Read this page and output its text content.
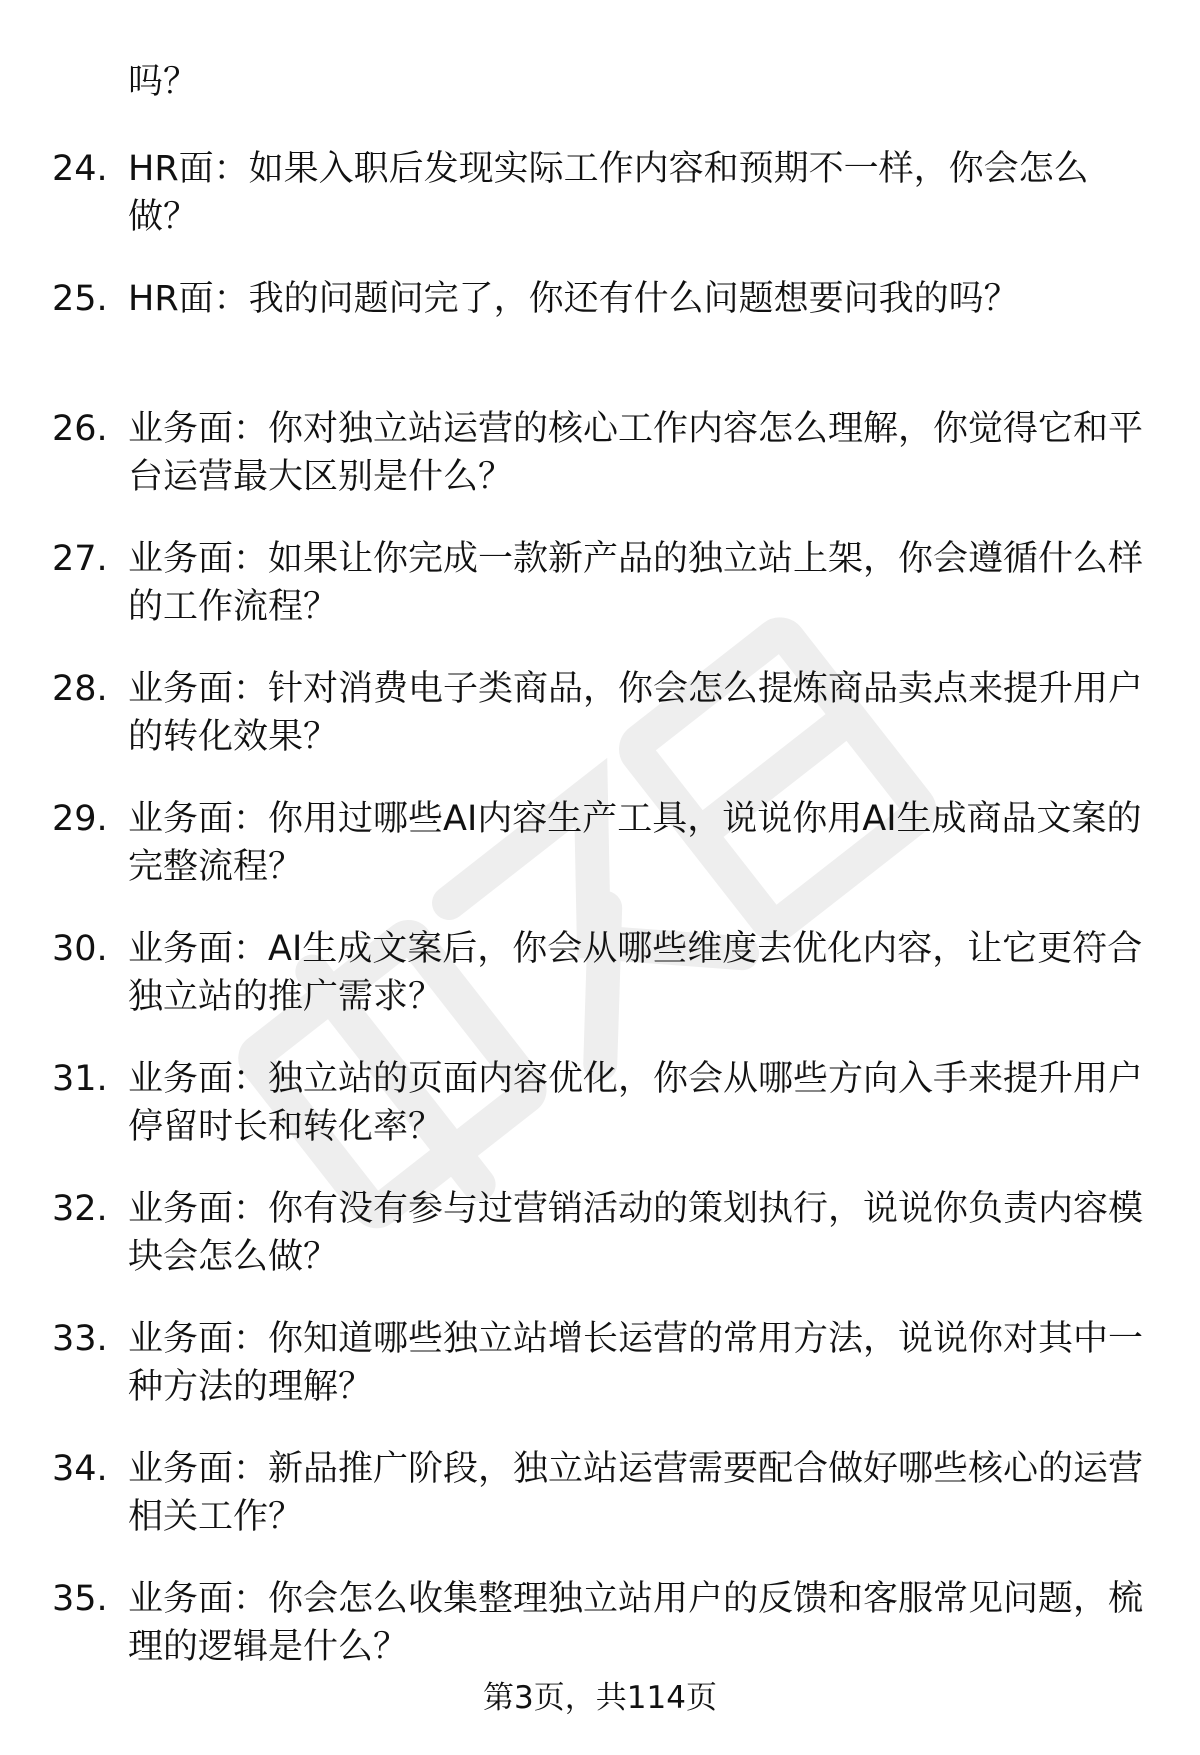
吗？

24. HR面：如果入职后发现实际工作内容和预期不一样，你会怎么做？
25. HR面：我的问题问完了，你还有什么问题想要问我的吗？
26. 业务面：你对独立站运营的核心工作内容怎么理解，你觉得它和平台运营最大区别是什么？
27. 业务面：如果让你完成一款新产品的独立站上架，你会遵循什么样的工作流程？
28. 业务面：针对消费电子类商品，你会怎么提炼商品卖点来提升用户的转化效果？
29. 业务面：你用过哪些AI内容生产工具，说说你用AI生成商品文案的完整流程？
30. 业务面：AI生成文案后，你会从哪些维度去优化内容，让它更符合独立站的推广需求？
31. 业务面：独立站的页面内容优化，你会从哪些方向入手来提升用户停留时长和转化率？
32. 业务面：你有没有参与过营销活动的策划执行，说说你负责内容模块会怎么做？
33. 业务面：你知道哪些独立站增长运营的常用方法，说说你对其中一种方法的理解？
34. 业务面：新品推广阶段，独立站运营需要配合做好哪些核心的运营相关工作？
35. 业务面：你会怎么收集整理独立站用户的反馈和客服常见问题，梳理的逻辑是什么？
第3页，共114页
